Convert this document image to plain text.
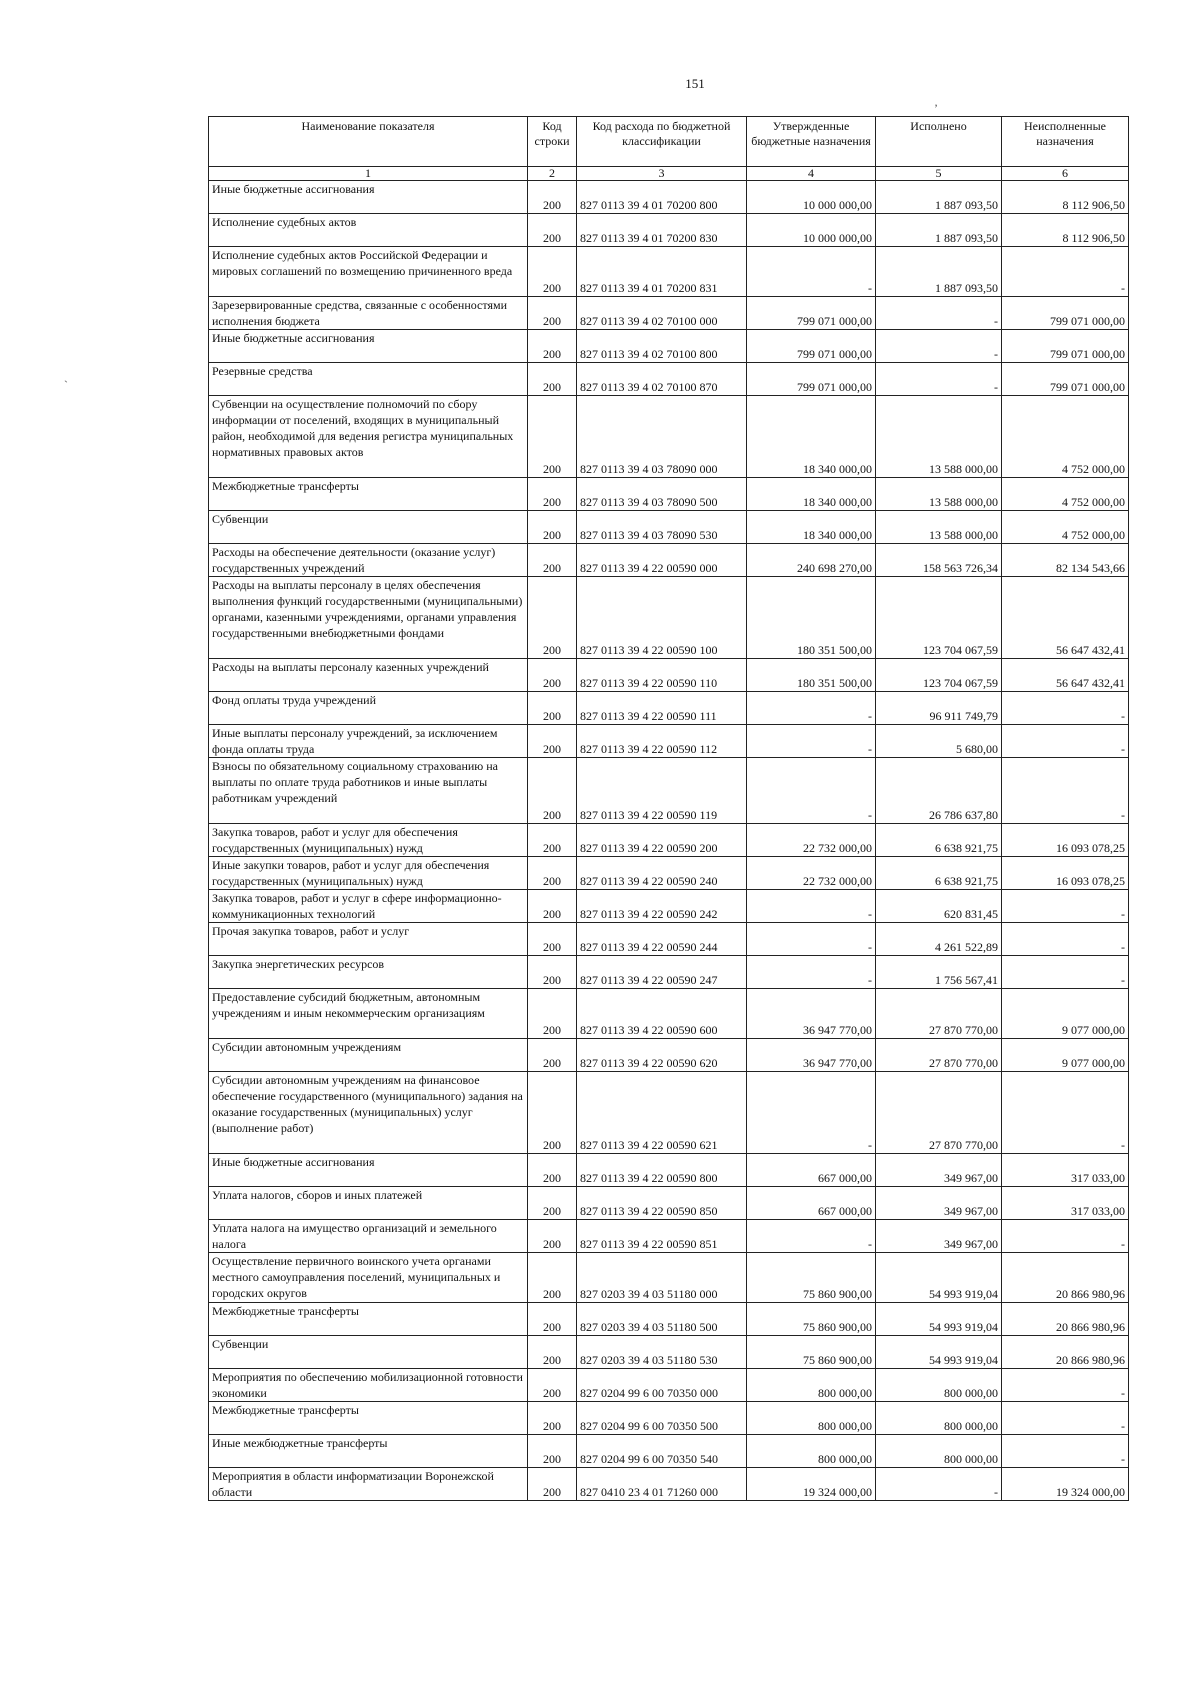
151
’
`
Наименование показателя	Код строки	Код расхода по бюджетной классификации	Утвержденные бюджетные назначения	Исполнено	Неисполненные назначения
1	2	3	4	5	6
Иные бюджетные ассигнования	200	827 0113 39 4 01 70200 800	10 000 000,00	1 887 093,50	8 112 906,50
Исполнение судебных актов	200	827 0113 39 4 01 70200 830	10 000 000,00	1 887 093,50	8 112 906,50
Исполнение судебных актов Российской Федерации и мировых соглашений по возмещению причиненного вреда	200	827 0113 39 4 01 70200 831	-	1 887 093,50	-
Зарезервированные средства, связанные с особенностями исполнения бюджета	200	827 0113 39 4 02 70100 000	799 071 000,00	-	799 071 000,00
Иные бюджетные ассигнования	200	827 0113 39 4 02 70100 800	799 071 000,00	-	799 071 000,00
Резервные средства	200	827 0113 39 4 02 70100 870	799 071 000,00	-	799 071 000,00
Субвенции на осуществление полномочий по сбору информации от поселений, входящих в муниципальный район, необходимой для ведения регистра муниципальных нормативных правовых актов	200	827 0113 39 4 03 78090 000	18 340 000,00	13 588 000,00	4 752 000,00
Межбюджетные трансферты	200	827 0113 39 4 03 78090 500	18 340 000,00	13 588 000,00	4 752 000,00
Субвенции	200	827 0113 39 4 03 78090 530	18 340 000,00	13 588 000,00	4 752 000,00
Расходы на обеспечение деятельности (оказание услуг) государственных учреждений	200	827 0113 39 4 22 00590 000	240 698 270,00	158 563 726,34	82 134 543,66
Расходы на выплаты персоналу в целях обеспечения выполнения функций государственными (муниципальными) органами, казенными учреждениями, органами управления государственными внебюджетными фондами	200	827 0113 39 4 22 00590 100	180 351 500,00	123 704 067,59	56 647 432,41
Расходы на выплаты персоналу казенных учреждений	200	827 0113 39 4 22 00590 110	180 351 500,00	123 704 067,59	56 647 432,41
Фонд оплаты труда учреждений	200	827 0113 39 4 22 00590 111	-	96 911 749,79	-
Иные выплаты персоналу учреждений, за исключением фонда оплаты труда	200	827 0113 39 4 22 00590 112	-	5 680,00	-
Взносы по обязательному социальному страхованию на выплаты по оплате труда работников и иные выплаты работникам учреждений	200	827 0113 39 4 22 00590 119	-	26 786 637,80	-
Закупка товаров, работ и услуг для обеспечения государственных (муниципальных) нужд	200	827 0113 39 4 22 00590 200	22 732 000,00	6 638 921,75	16 093 078,25
Иные закупки товаров, работ и услуг для обеспечения государственных (муниципальных) нужд	200	827 0113 39 4 22 00590 240	22 732 000,00	6 638 921,75	16 093 078,25
Закупка товаров, работ и услуг в сфере информационно-коммуникационных технологий	200	827 0113 39 4 22 00590 242	-	620 831,45	-
Прочая закупка товаров, работ и услуг	200	827 0113 39 4 22 00590 244	-	4 261 522,89	-
Закупка энергетических ресурсов	200	827 0113 39 4 22 00590 247	-	1 756 567,41	-
Предоставление субсидий бюджетным, автономным учреждениям и иным некоммерческим организациям	200	827 0113 39 4 22 00590 600	36 947 770,00	27 870 770,00	9 077 000,00
Субсидии автономным учреждениям	200	827 0113 39 4 22 00590 620	36 947 770,00	27 870 770,00	9 077 000,00
Субсидии автономным учреждениям на финансовое обеспечение государственного (муниципального) задания на оказание государственных (муниципальных) услуг (выполнение работ)	200	827 0113 39 4 22 00590 621	-	27 870 770,00	-
Иные бюджетные ассигнования	200	827 0113 39 4 22 00590 800	667 000,00	349 967,00	317 033,00
Уплата налогов, сборов и иных платежей	200	827 0113 39 4 22 00590 850	667 000,00	349 967,00	317 033,00
Уплата налога на имущество организаций и земельного налога	200	827 0113 39 4 22 00590 851	-	349 967,00	-
Осуществление первичного воинского учета органами местного самоуправления поселений, муниципальных и городских округов	200	827 0203 39 4 03 51180 000	75 860 900,00	54 993 919,04	20 866 980,96
Межбюджетные трансферты	200	827 0203 39 4 03 51180 500	75 860 900,00	54 993 919,04	20 866 980,96
Субвенции	200	827 0203 39 4 03 51180 530	75 860 900,00	54 993 919,04	20 866 980,96
Мероприятия по обеспечению мобилизационной готовности экономики	200	827 0204 99 6 00 70350 000	800 000,00	800 000,00	-
Межбюджетные трансферты	200	827 0204 99 6 00 70350 500	800 000,00	800 000,00	-
Иные межбюджетные трансферты	200	827 0204 99 6 00 70350 540	800 000,00	800 000,00	-
Мероприятия в области информатизации Воронежской области	200	827 0410 23 4 01 71260 000	19 324 000,00	-	19 324 000,00
